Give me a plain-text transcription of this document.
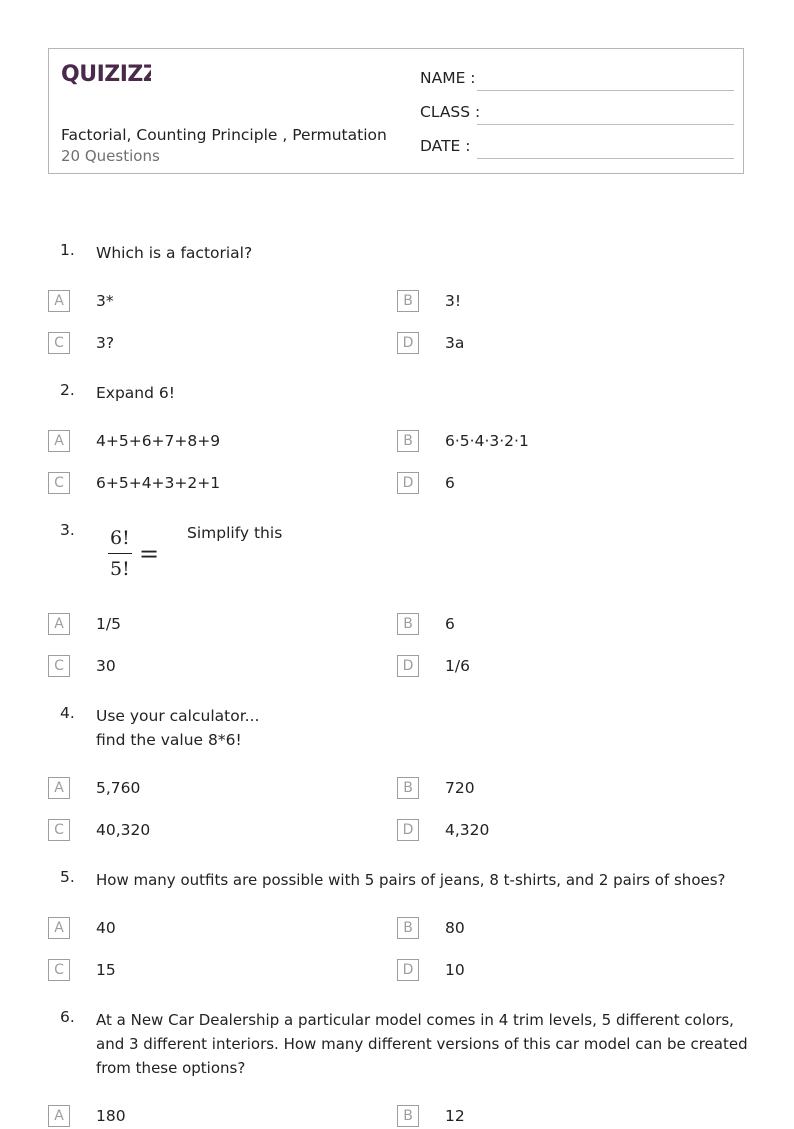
QUIZIZZ
Factorial, Counting Principle , Permutation
20 Questions
NAME :
CLASS :
DATE :
1. Which is a factorial?
A	3*	B	3!
C	3?	D	3a
2. Expand 6!
A	4+5+6+7+8+9	B	6·5·4·3·2·1
C	6+5+4+3+2+1	D	6
3. 6!
5!
=
Simplify this
A	1/5	B	6
C	30	D	1/6
4. Use your calculator...
find the value 8*6!
A	5,760	B	720
C	40,320	D	4,320
5. How many outfits are possible with 5 pairs of jeans, 8 t-shirts, and 2 pairs of shoes?
A	40	B	80
C	15	D	10
6. At a New Car Dealership a particular model comes in 4 trim levels, 5 different colors, and 3 different interiors. How many different versions of this car model can be created from these options?
A	180	B	12
